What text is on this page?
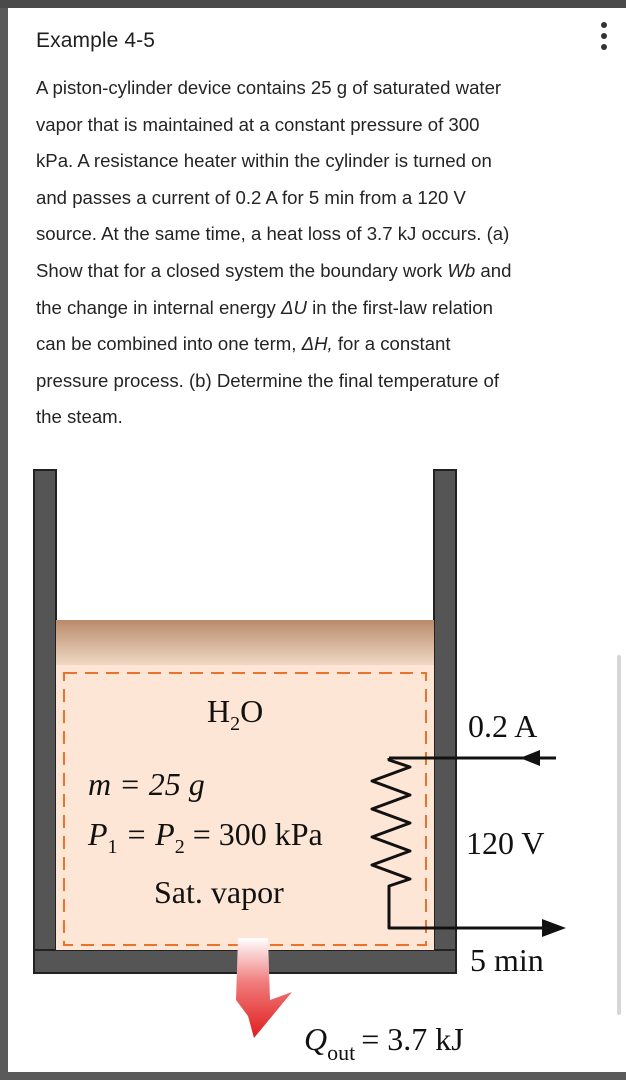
Example 4-5

A piston-cylinder device contains 25 g of saturated water
vapor that is maintained at a constant pressure of 300
kPa. A resistance heater within the cylinder is turned on
and passes a current of 0.2 A for 5 min from a 120 V
source. At the same time, a heat loss of 3.7 kJ occurs. (a)
Show that for a closed system the boundary work Wb and
the change in internal energy ΔU in the first-law relation
can be combined into one term, ΔH, for a constant
pressure process. (b) Determine the final temperature of
the steam.

$H_2O$
m = 25 g
$P_1 = P_2 = 300$ kPa
Sat. vapor
0.2 A
120 V
5 min
$Q_{out} = 3.7$ kJ
